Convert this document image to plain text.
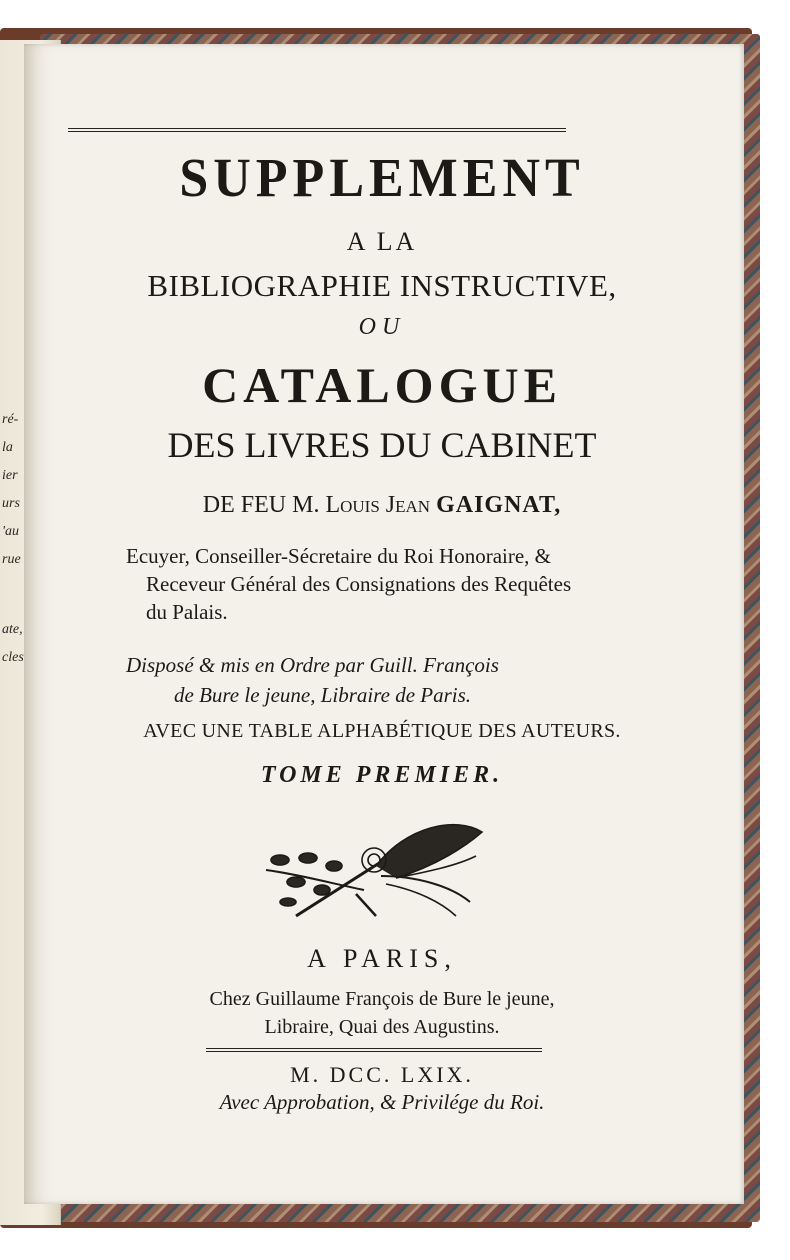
ré-
la
ier
urs
'au
rue
ate,
cles
SUPPLEMENT
A LA
BIBLIOGRAPHIE INSTRUCTIVE,
OU
CATALOGUE
DES LIVRES DU CABINET
DE FEU M. Louis Jean GAIGNAT,
Ecuyer, Conseiller-Sécretaire du Roi Honoraire, &
Receveur Général des Consignations des Requêtes
du Palais.
Disposé & mis en Ordre par Guill. François
de Bure le jeune, Libraire de Paris.
AVEC UNE TABLE ALPHABÉTIQUE DES AUTEURS.
TOME PREMIER.
A PARIS,
Chez Guillaume François de Bure le jeune,
Libraire, Quai des Augustins.
M. DCC. LXIX.
Avec Approbation, & Privilége du Roi.
